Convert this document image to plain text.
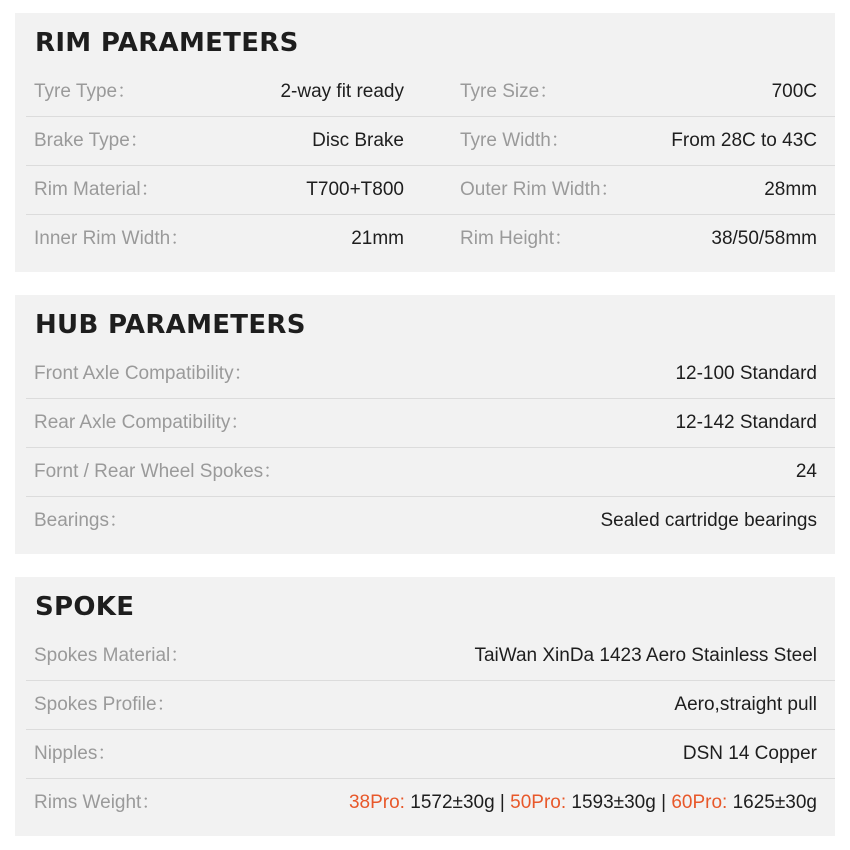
RIM PARAMETERS
Tyre Type：	2-way fit ready	Tyre Size：	700C
Brake Type：	Disc Brake	Tyre Width：	From 28C to 43C
Rim Material：	T700+T800	Outer Rim Width：	28mm
Inner Rim Width：	21mm	Rim Height：	38/50/58mm
HUB PARAMETERS
Front Axle Compatibility：	12-100 Standard
Rear Axle Compatibility：	12-142 Standard
Fornt / Rear Wheel Spokes：	24
Bearings：	Sealed cartridge bearings
SPOKE
Spokes Material：	TaiWan XinDa 1423 Aero Stainless Steel
Spokes Profile：	Aero,straight pull
Nipples：	DSN 14 Copper
Rims Weight：	38Pro: 1572±30g | 50Pro: 1593±30g | 60Pro: 1625±30g
